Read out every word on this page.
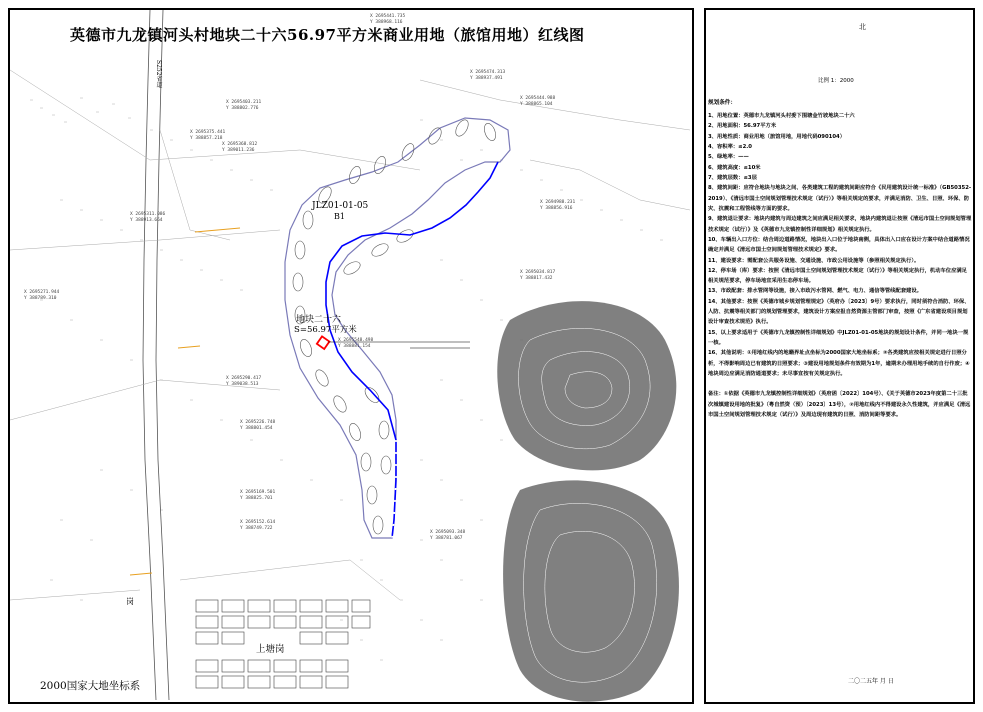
英德市九龙镇河头村地块二十六56.97平方米商业用地（旅馆用地）红线图
2000国家大地坐标系
JLZ01-01-05
B1
地块二十六
S=56.97平方米
上塘岗
S252省道
岗
X 2695548.498
Y 388881.154
X 2695441.735
Y 388968.116
X 2695474.313
Y 388937.491
X 2695403.211
Y 388802.776
X 2695375.441
Y 388857.218
X 2695311.086
Y 388913.664
X 2695271.944
Y 388789.310
X 2695226.748
Y 388801.454
X 2695169.501
Y 388825.701
X 2695152.614
Y 388749.722
X 2695093.348
Y 388781.067
X 2695034.817
Y 388817.432
X 2694988.231
Y 388856.916
X 2695444.988
Y 388865.104
X 2695368.812
Y 389011.236
X 2695290.417
Y 389038.513
北
比例 1：2000
规划条件：
1、用地位置：英德市九龙镇河头村委下围塘金竹坡地块二十六
2、用地面积：56.97平方米
3、用地性质：商业用地（旅馆用地，用地代码090104）
4、容积率：≤2.0
5、绿地率：——
6、建筑高度：≤10米
7、建筑层数：≤3层
8、建筑间距：应符合地块与地块之间、各类建筑工程的建筑间距应符合《民用建筑设计统一标准》（GB50352-2019）、《清远市国土空间规划管理技术规定（试行）》等相关规定的要求，并满足消防、卫生、日照、环保、防灾、抗震和工程管线等方面的要求。
9、建筑退让要求：地块内建筑与周边建筑之间应满足相关要求，地块内建筑退让按照《清远市国土空间规划管理技术规定（试行）》及《英德市九龙镇控制性详细规划》相关规定执行。
10、车辆出入口方位：结合周边道路情况，地块出入口位于地块南侧，具体出入口应在设计方案中结合道路情况确定并满足《清远市国土空间规划管理技术规定》要求。
11、建设要求：需配套公共服务设施、交通设施、市政公用设施等（参照相关规定执行）。
12、停车场（库）要求：按照《清远市国土空间规划管理技术规定（试行）》等相关规定执行，机动车位应满足相关规范要求，停车场地宜采用生态停车场。
13、市政配套：排水管网等设施，接入市政污水管网、燃气、电力、通信等管线配套建设。
14、其他要求：按照《英德市城乡规划管理规定》（英府办〔2023〕9号）要求执行，同时须符合消防、环保、人防、抗震等相关部门的规划管理要求，建筑设计方案应报自然资源主管部门审查，按照《广东省建设项目规划设计审查技术规范》执行。
15、以上要求适用于《英德市九龙镇控制性详细规划》中JLZ01-01-05地块的规划设计条件，并同一地块一规一核。
16、其他说明：①用地红线内的地籍界址点坐标为2000国家大地坐标系；②各类建筑应按相关规定进行日照分析，不得影响周边已有建筑的日照要求；③建设用地规划条件有效期为1年，逾期未办理用地手续的自行作废；④地块周边应满足消防通道要求；未尽事宜按有关规定执行。
备注：①依据《英德市九龙镇控制性详细规划》（英府函〔2022〕104号）、《关于英德市2023年度第二十三批次城镇建设用地的批复》（粤自然资（预）〔2023〕13号），②用地红线内不得建设永久性建筑，并应满足《清远市国土空间规划管理技术规定（试行）》及周边现有建筑的日照、消防间距等要求。
二〇二五年 月 日
